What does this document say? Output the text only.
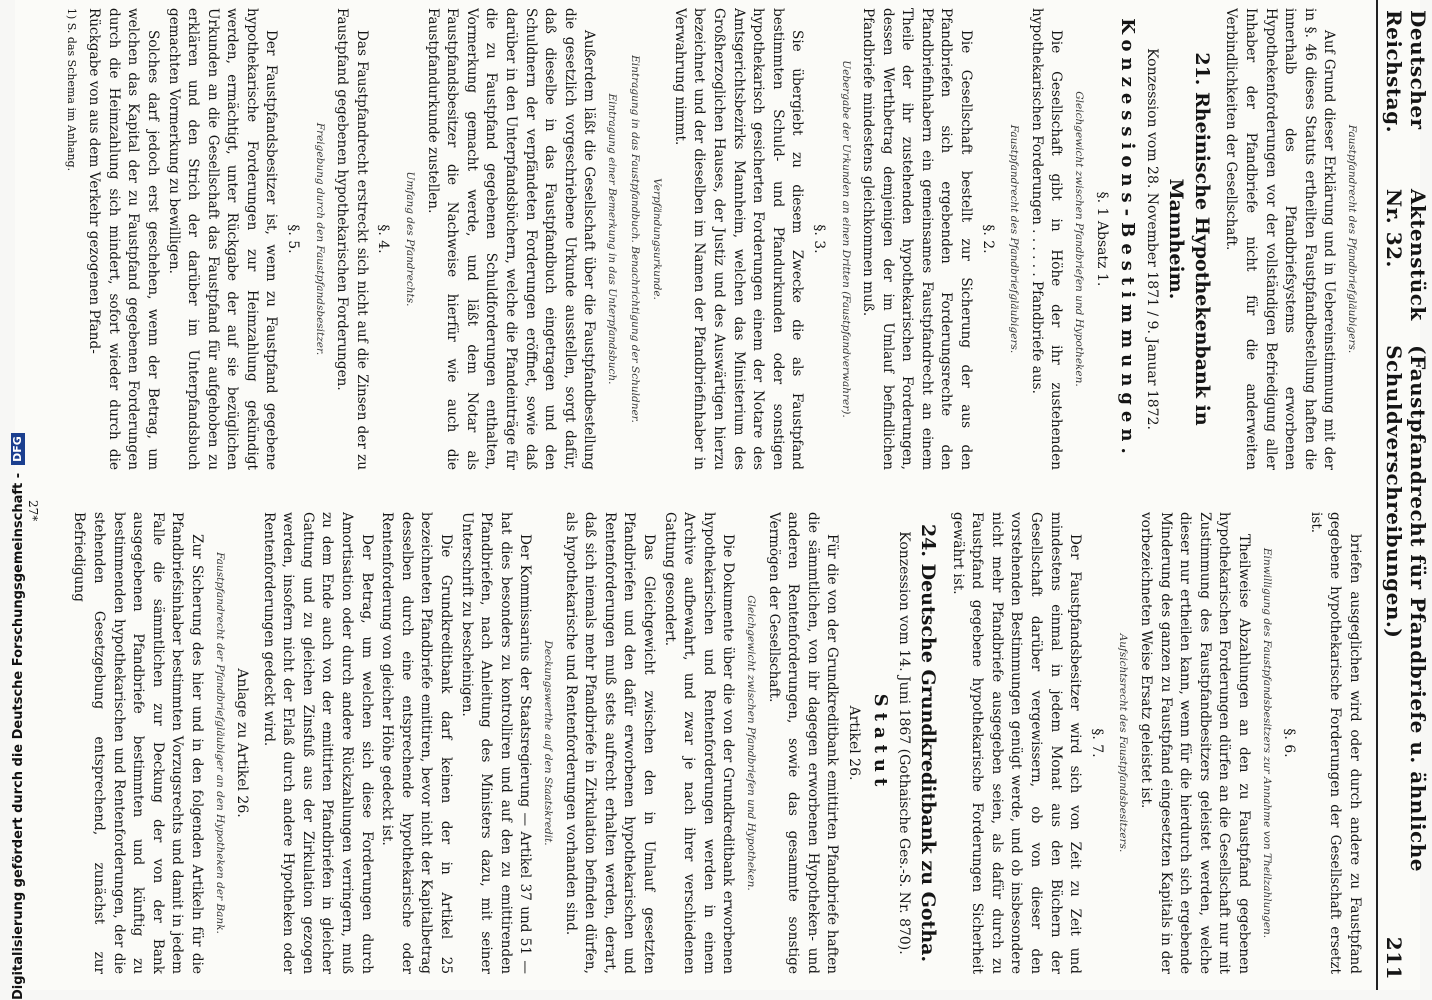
Deutscher Reichstag.
Aktenstück Nr. 32.
(Faustpfandrecht für Pfandbriefe u. ähnliche Schuldverschreibungen.)
211
Faustpfandrecht des Pfandbriefgläubigers.

Auf Grund dieser Erklärung und in Uebereinstimmung mit der in §. 46 dieses Statuts ertheilten Faustpfandbestellung haften die innerhalb des Pfandbriefsystems erworbenen Hypothekenforderungen vor der vollständigen Befriedigung aller Inhaber der Pfandbriefe nicht für die anderweiten Verbindlichkeiten der Gesellschaft.

21. Rheinische Hypothekenbank in Mannheim.
Konzession vom 28. November 1871 / 9. Januar 1872.
Konzessions-Bestimmungen.
§. 1 Absatz 1.
Gleichgewicht zwischen Pfandbriefen und Hypotheken.

Die Gesellschaft gibt in Höhe der ihr zustehenden hypothekarischen Forderungen . . . . . . Pfandbriefe aus.

Faustpfandrecht des Pfandbriefgläubigers.
§. 2.

Die Gesellschaft bestellt zur Sicherung der aus den Pfandbriefen sich ergebenden Forderungsrechte den Pfandbriefinhabern ein gemeinsames Faustpfandrecht an einem Theile der ihr zustehenden hypothekarischen Forderungen, dessen Werthbetrag demjenigen der im Umlauf befindlichen Pfandbriefe mindestens gleichkommen muß.

Uebergabe der Urkunden an einen Dritten (Faustpfandverwahrer).
§. 3.

Sie übergiebt zu diesem Zwecke die als Faustpfand bestimmten Schuld- und Pfandurkunden oder sonstigen hypothekarisch gesicherten Forderungen einem der Notare des Amtsgerichtsbezirks Mannheim, welchen das Ministerium des Großherzoglichen Hauses, der Justiz und des Auswärtigen hierzu bezeichnet und der dieselben im Namen der Pfandbriefinhaber in Verwahrung nimmt.

Verpfändungsurkunde.
Eintragung in das Faustpfandbuch. Benachrichtigung der Schuldner.
Eintragung einer Bemerkung in das Unterpfandsbuch.

Außerdem läßt die Gesellschaft über die Faustpfandbestellung die gesetzlich vorgeschriebene Urkunde ausstellen, sorgt dafür, daß dieselbe in das Faustpfandbuch eingetragen und den Schuldnern der verpfändeten Forderungen eröffnet, sowie daß darüber in den Unterpfandsbüchern, welche die Pfandeinträge für die zu Faustpfand gegebenen Schuldforderungen enthalten, Vormerkung gemacht werde, und läßt dem Notar als Faustpfandsbesitzer die Nachweise hierfür wie auch die Faustpfandurkunde zustellen.

Umfang des Pfandrechts.
§. 4.

Das Faustpfandrecht erstreckt sich nicht auf die Zinsen der zu Faustpfand gegebenen hypothekarischen Forderungen.

Freigebung durch den Faustpfandsbesitzer.
§. 5.

Der Faustpfandsbesitzer ist, wenn zu Faustpfand gegebene hypothekarische Forderungen zur Heimzahlung gekündigt werden, ermächtigt, unter Rückgabe der auf sie bezüglichen Urkunden an die Gesellschaft das Faustpfand für aufgehoben zu erklären und den Strich der darüber im Unterpfandsbuch gemachten Vormerkung zu bewilligen.

Solches darf jedoch erst geschehen, wenn der Betrag, um welchen das Kapital der zu Faustpfand gegebenen Forderungen durch die Heimzahlung sich mindert, sofort wieder durch die Rückgabe von aus dem Verkehr gezogenen Pfand-

1) S. das Schema im Anhang.

briefen ausgeglichen wird oder durch andere zu Faustpfand gegebene hypothekarische Forderungen der Gesellschaft ersetzt ist.

§. 6.
Einwilligung des Faustpfandsbesitzers zur Annahme von Theilzahlungen.

Theilweise Abzahlungen an den zu Faustpfand gegebenen hypothekarischen Forderungen dürfen an die Gesellschaft nur mit Zustimmung des Faustpfandbesitzers geleistet werden, welche dieser nur ertheilen kann, wenn für die hierdurch sich ergebende Minderung des ganzen zu Faustpfand eingesetzten Kapitals in der vorbezeichneten Weise Ersatz geleistet ist.

Aufsichtsrecht des Faustpfandsbesitzers.
§. 7.

Der Faustpfandsbesitzer wird sich von Zeit zu Zeit und mindestens einmal in jedem Monat aus den Büchern der Gesellschaft darüber vergewissern, ob von dieser den vorstehenden Bestimmungen genügt werde, und ob insbesondere nicht mehr Pfandbriefe ausgegeben seien, als dafür durch zu Faustpfand gegebene hypothekarische Forderungen Sicherheit gewährt ist.

24. Deutsche Grundkreditbank zu Gotha.
Konzession vom 14. Juni 1867 (Gothaische Ges.-S. Nr. 870).
Statut
Artikel 26.

Für die von der Grundkreditbank emittirten Pfandbriefe haften die sämmtlichen, von ihr dagegen erworbenen Hypotheken- und anderen Rentenforderungen, sowie das gesammte sonstige Vermögen der Gesellschaft.

Gleichgewicht zwischen Pfandbriefen und Hypotheken.

Die Dokumente über die von der Grundkreditbank erworbenen hypothekarischen und Rentenforderungen werden in einem Archive aufbewahrt, und zwar je nach ihrer verschiedenen Gattung gesondert.

Das Gleichgewicht zwischen den in Umlauf gesetzten Pfandbriefen und den dafür erworbenen hypothekarischen und Rentenforderungen muß stets aufrecht erhalten werden, derart, daß sich niemals mehr Pfandbriefe in Zirkulation befinden dürfen, als hypothekarische und Rentenforderungen vorhanden sind.

Deckungswerthe auf den Staatskredit.

Der Kommissarius der Staatsregierung — Artikel 37 und 51 — hat dies besonders zu kontrolliren und auf den zu emittirenden Pfandbriefen, nach Anleitung des Ministers dazu, mit seiner Unterschrift zu bescheinigen.

Die Grundkreditbank darf keinen der in Artikel 25 bezeichneten Pfandbriefe emittiren, bevor nicht der Kapitalbetrag desselben durch eine entsprechende hypothekarische oder Rentenforderung von gleicher Höhe gedeckt ist.

Der Betrag, um welchen sich diese Forderungen durch Amortisation oder durch andere Rückzahlungen verringern, muß zu dem Ende auch von der emittirten Pfandbriefen in gleicher Gattung und zu gleichen Zinsfuß aus der Zirkulation gezogen werden, insofern nicht der Erlaß durch andere Hypotheken oder Rentenforderungen gedeckt wird.

Anlage zu Artikel 26.
Faustpfandrecht der Pfandbriefgläubiger an den Hypotheken der Bank.

Zur Sicherung des hier und in den folgenden Artikeln für die Pfandbriefsinhaber bestimmten Vorzugsrechts und damit in jedem Falle die sämmtlichen zur Deckung der von der Bank ausgegebenen Pfandbriefe bestimmten und künftig zu bestimmenden hypothekarischen und Rentenforderungen, der die stehenden Gesetzgebung entsprechend, zunächst zur Befriedigung

27*
Digitalisierung gefördert durch die Deutsche Forschungsgemeinschaft -
DFG
